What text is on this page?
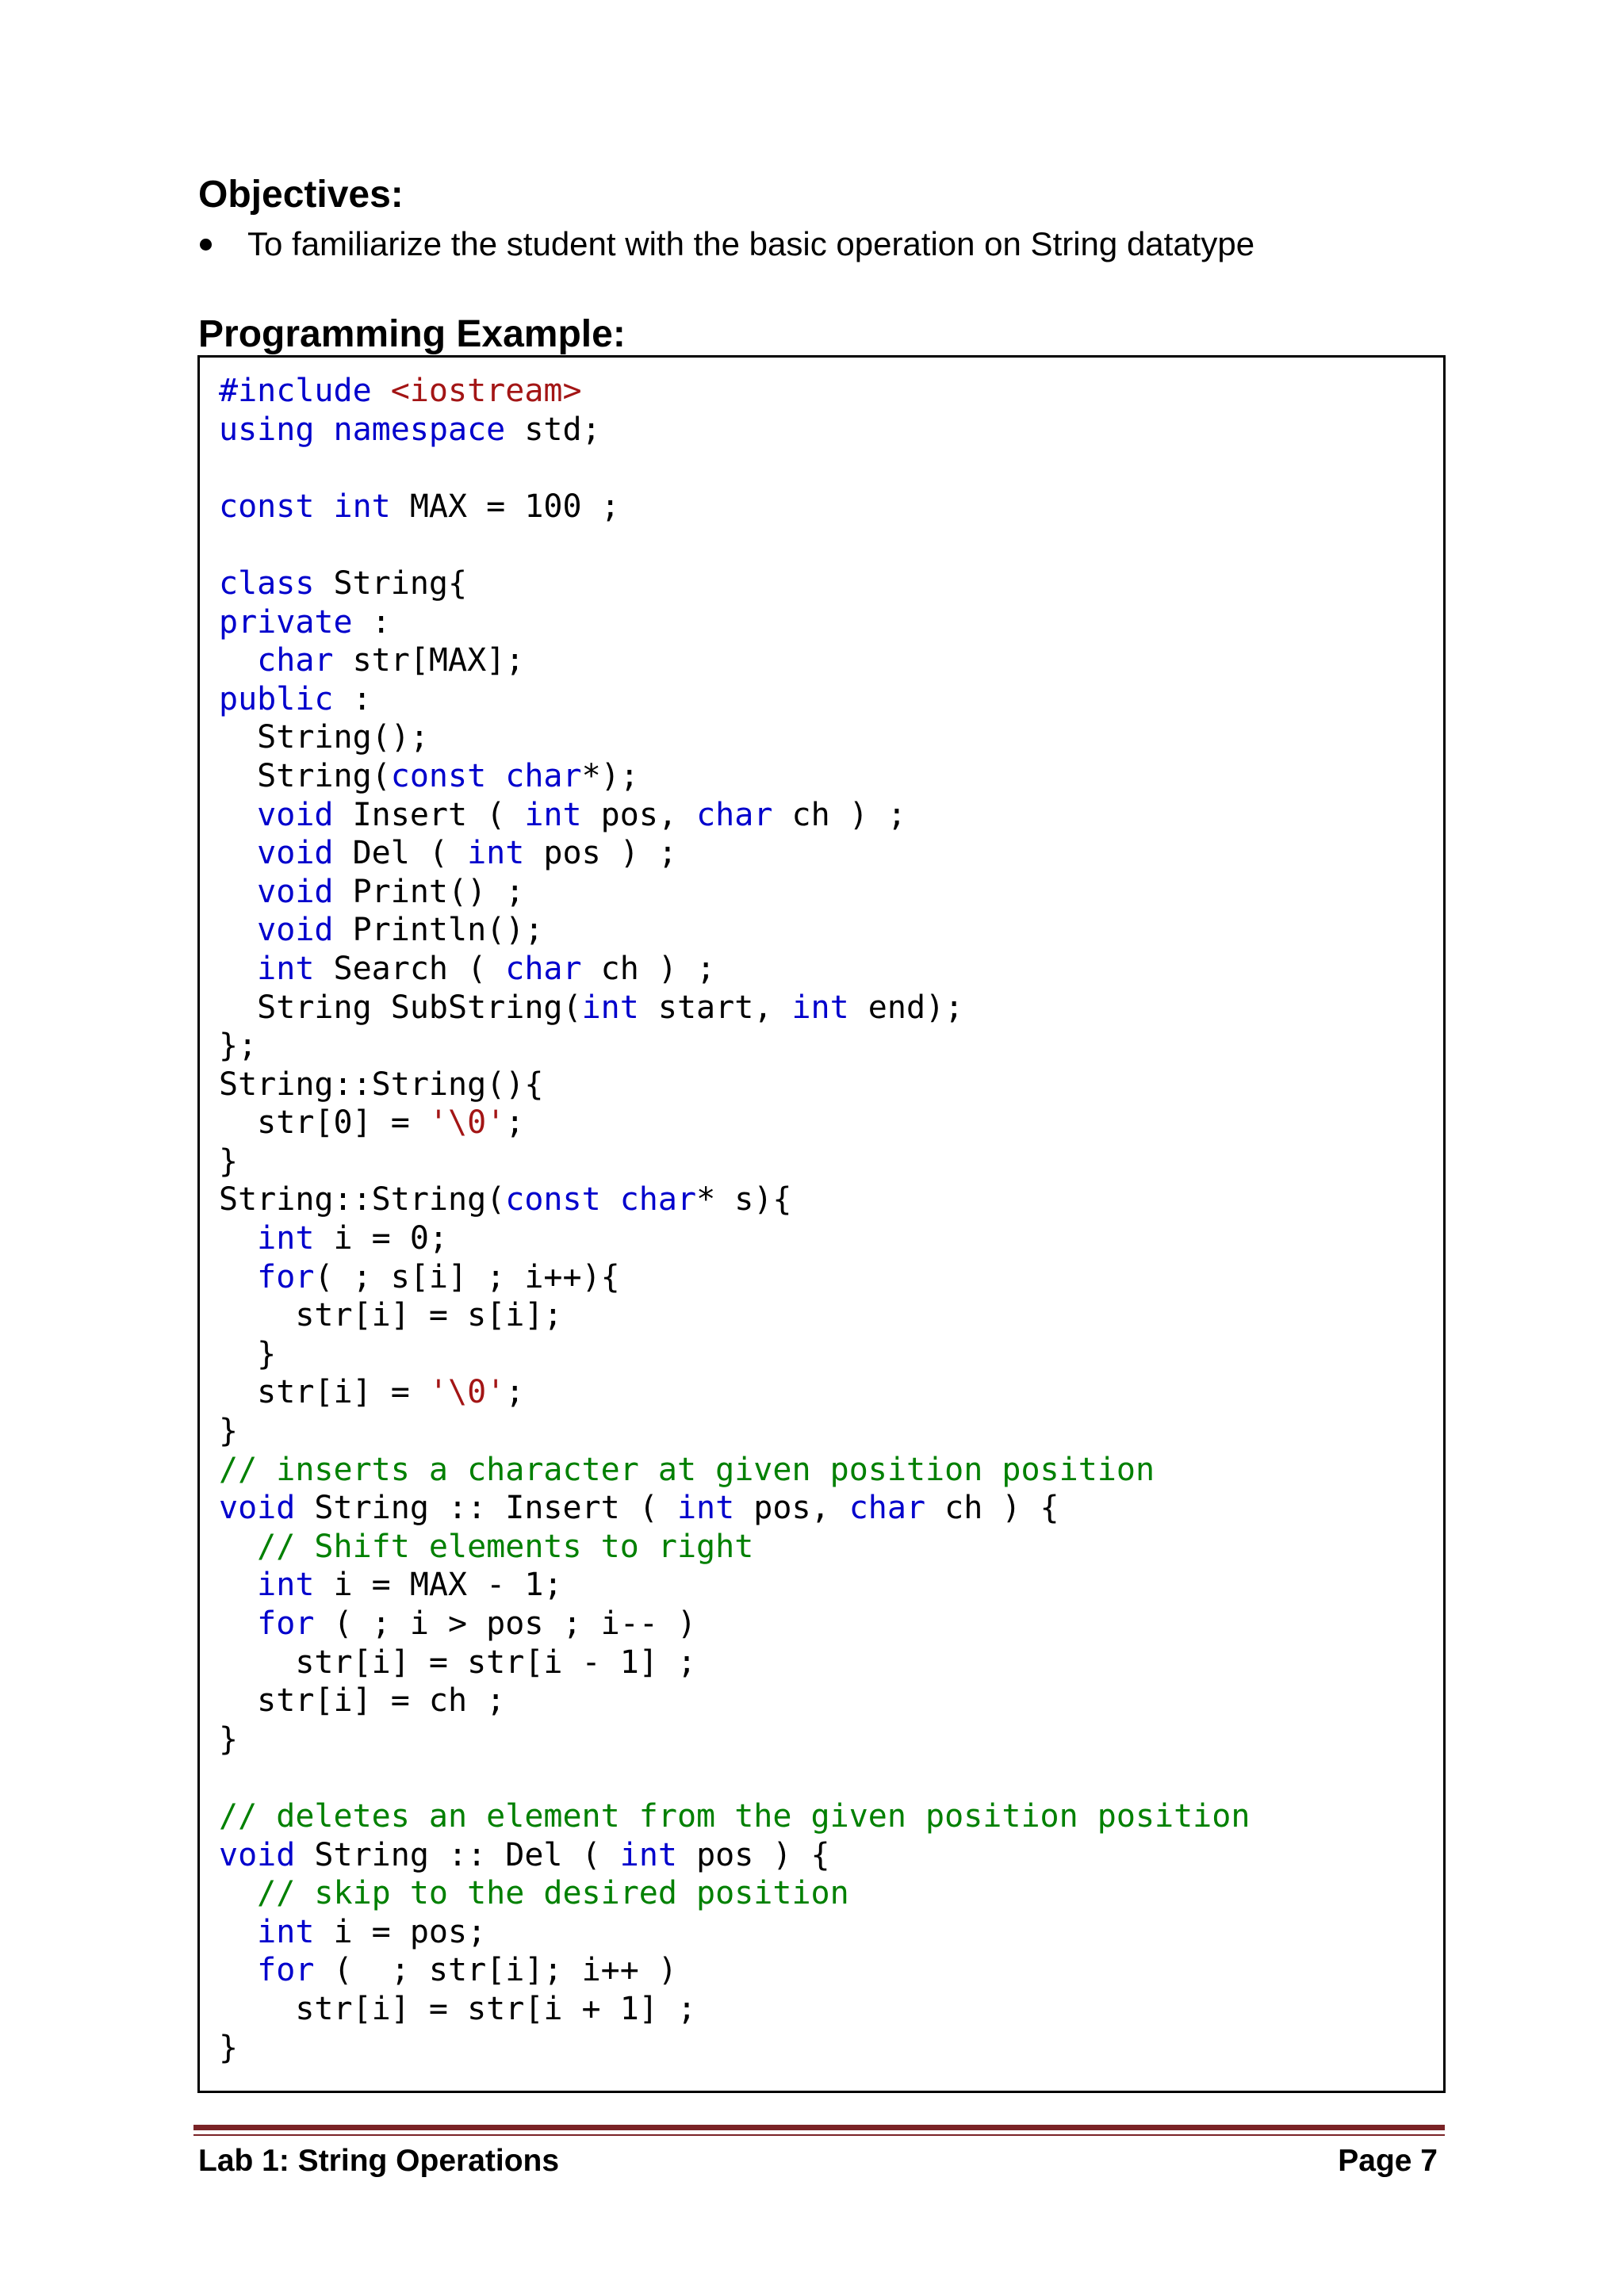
Objectives:
To familiarize the student with the basic operation on String datatype
Programming Example:
#include <iostream>
using namespace std;
const int MAX = 100 ;
class String{
private :
char str[MAX];
public :
String();
String(const char*);
void Insert ( int pos, char ch ) ;
void Del ( int pos ) ;
void Print() ;
void Println();
int Search ( char ch ) ;
String SubString(int start, int end);
};
String::String(){
str[0] = '\0';
}
String::String(const char* s){
int i = 0;
for( ; s[i] ; i++){
str[i] = s[i];
}
str[i] = '\0';
}
// inserts a character at given position position
void String :: Insert ( int pos, char ch ) {
// Shift elements to right
int i = MAX - 1;
for ( ; i > pos ; i-- )
str[i] = str[i - 1] ;
str[i] = ch ;
}
// deletes an element from the given position position
void String :: Del ( int pos ) {
// skip to the desired position
int i = pos;
for (  ; str[i]; i++ )
str[i] = str[i + 1] ;
}
Lab 1: String Operations	Page 7
